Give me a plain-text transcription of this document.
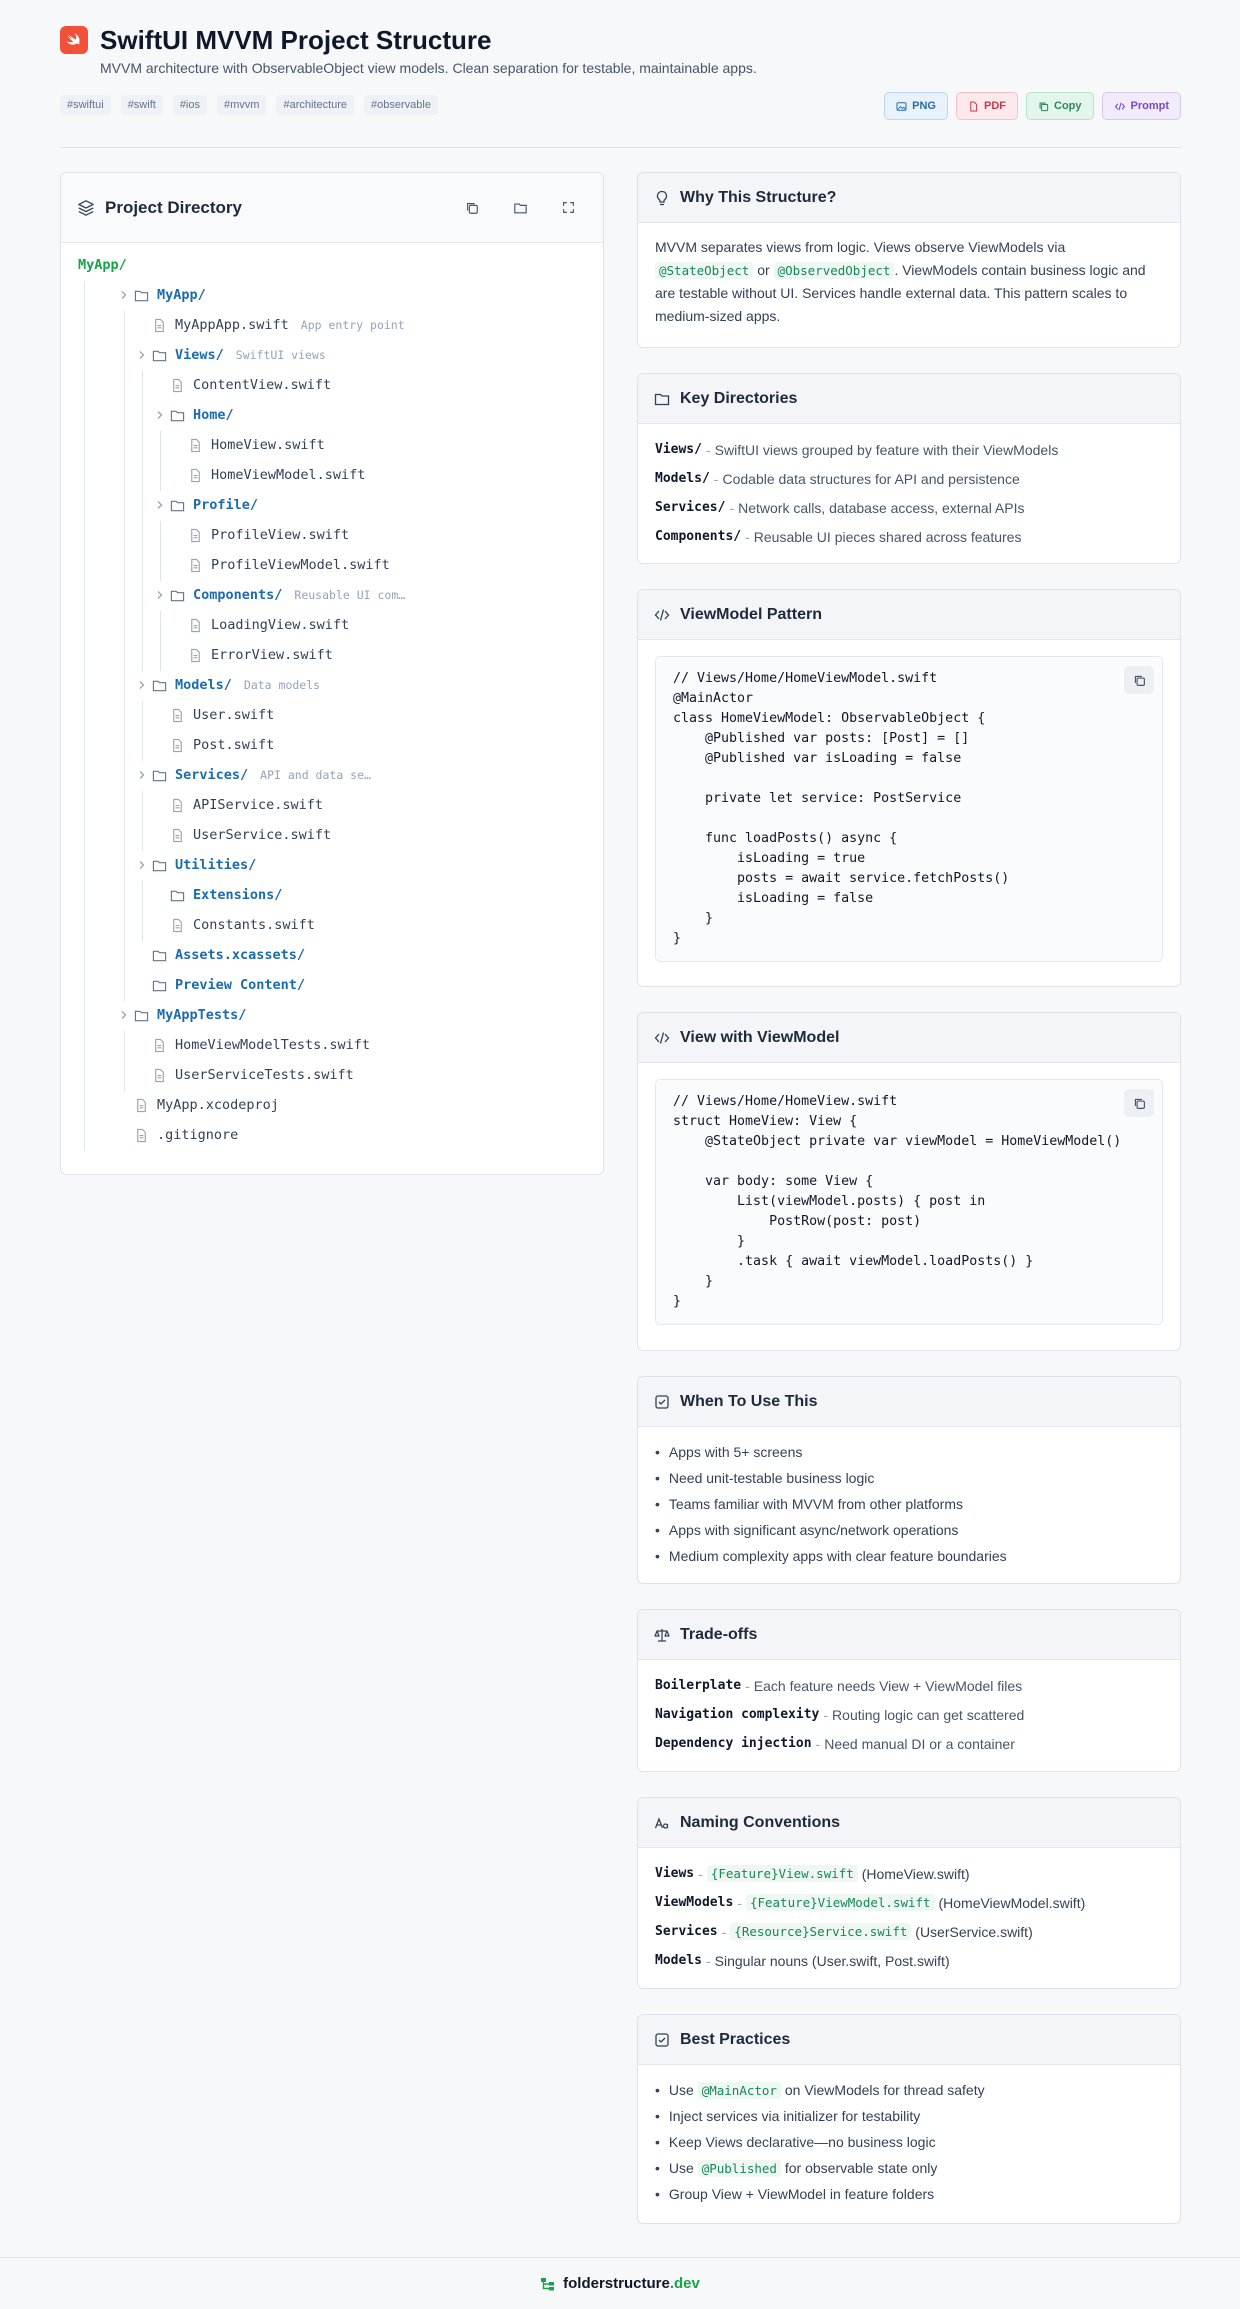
SwiftUI MVVM Project Structure
MVVM architecture with ObservableObject view models. Clean separation for testable, maintainable apps.
#swiftui	#swift	#ios	#mvvm	#architecture	#observable	PNG	PDF	Copy	Prompt
Project Directory
MyApp/
MyApp/
MyAppApp.swift App entry point
Views/ SwiftUI views
ContentView.swift
Home/
HomeView.swift
HomeViewModel.swift
Profile/
ProfileView.swift
ProfileViewModel.swift
Components/ Reusable UI com…
LoadingView.swift
ErrorView.swift
Models/ Data models
User.swift
Post.swift
Services/ API and data se…
APIService.swift
UserService.swift
Utilities/
Extensions/
Constants.swift
Assets.xcassets/
Preview Content/
MyAppTests/
HomeViewModelTests.swift
UserServiceTests.swift
MyApp.xcodeproj
.gitignore
Why This Structure?
MVVM separates views from logic. Views observe ViewModels via @StateObject or @ObservedObject . ViewModels contain business logic and are testable without UI. Services handle external data. This pattern scales to medium-sized apps.
Key Directories
Views/ - SwiftUI views grouped by feature with their ViewModels
Models/ - Codable data structures for API and persistence
Services/ - Network calls, database access, external APIs
Components/ - Reusable UI pieces shared across features
ViewModel Pattern
// Views/Home/HomeViewModel.swift
@MainActor
class HomeViewModel: ObservableObject {
@Published var posts: [Post] = []
@Published var isLoading = false

private let service: PostService

func loadPosts() async {
isLoading = true
posts = await service.fetchPosts()
isLoading = false
}
}
View with ViewModel
// Views/Home/HomeView.swift
struct HomeView: View {
@StateObject private var viewModel = HomeViewModel()

var body: some View {
List(viewModel.posts) { post in
PostRow(post: post)
}
.task { await viewModel.loadPosts() }
}
}
When To Use This
• Apps with 5+ screens
• Need unit-testable business logic
• Teams familiar with MVVM from other platforms
• Apps with significant async/network operations
• Medium complexity apps with clear feature boundaries
Trade-offs
Boilerplate - Each feature needs View + ViewModel files
Navigation complexity - Routing logic can get scattered
Dependency injection - Need manual DI or a container
Naming Conventions
Views - {Feature}View.swift
(HomeView.swift)
ViewModels - {Feature}ViewModel.swift
(HomeViewModel.swift)
Services - {Resource}Service.swift
(UserService.swift)
Models - Singular nouns (User.swift, Post.swift)
Best Practices
• Use
@MainActor
on ViewModels for thread safety
• Inject services via initializer for testability
• Keep Views declarative—no business logic
• Use
@Published
for observable state only
• Group View + ViewModel in feature folders
folderstructure.dev
